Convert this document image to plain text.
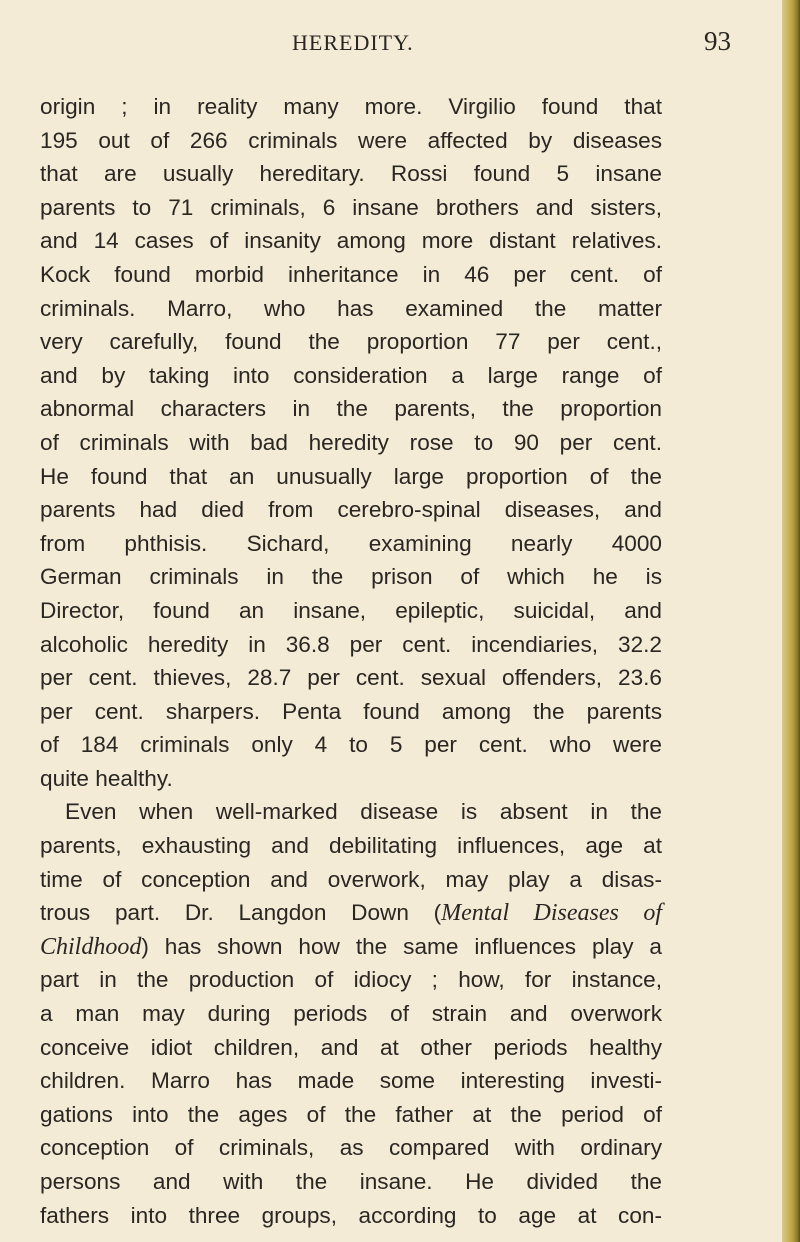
HEREDITY.	93
origin ; in reality many more. Virgilio found that
195 out of 266 criminals were affected by diseases
that are usually hereditary. Rossi found 5 insane
parents to 71 criminals, 6 insane brothers and sisters,
and 14 cases of insanity among more distant relatives.
Kock found morbid inheritance in 46 per cent. of
criminals. Marro, who has examined the matter
very carefully, found the proportion 77 per cent.,
and by taking into consideration a large range of
abnormal characters in the parents, the proportion
of criminals with bad heredity rose to 90 per cent.
He found that an unusually large proportion of the
parents had died from cerebro-spinal diseases, and
from phthisis. Sichard, examining nearly 4000
German criminals in the prison of which he is
Director, found an insane, epileptic, suicidal, and
alcoholic heredity in 36.8 per cent. incendiaries, 32.2
per cent. thieves, 28.7 per cent. sexual offenders, 23.6
per cent. sharpers. Penta found among the parents
of 184 criminals only 4 to 5 per cent. who were
quite healthy.
Even when well-marked disease is absent in the
parents, exhausting and debilitating influences, age at
time of conception and overwork, may play a disas-
trous part. Dr. Langdon Down (Mental Diseases of
Childhood) has shown how the same influences play a
part in the production of idiocy ; how, for instance,
a man may during periods of strain and overwork
conceive idiot children, and at other periods healthy
children. Marro has made some interesting investi-
gations into the ages of the father at the period of
conception of criminals, as compared with ordinary
persons and with the insane. He divided the
fathers into three groups, according to age at con-
